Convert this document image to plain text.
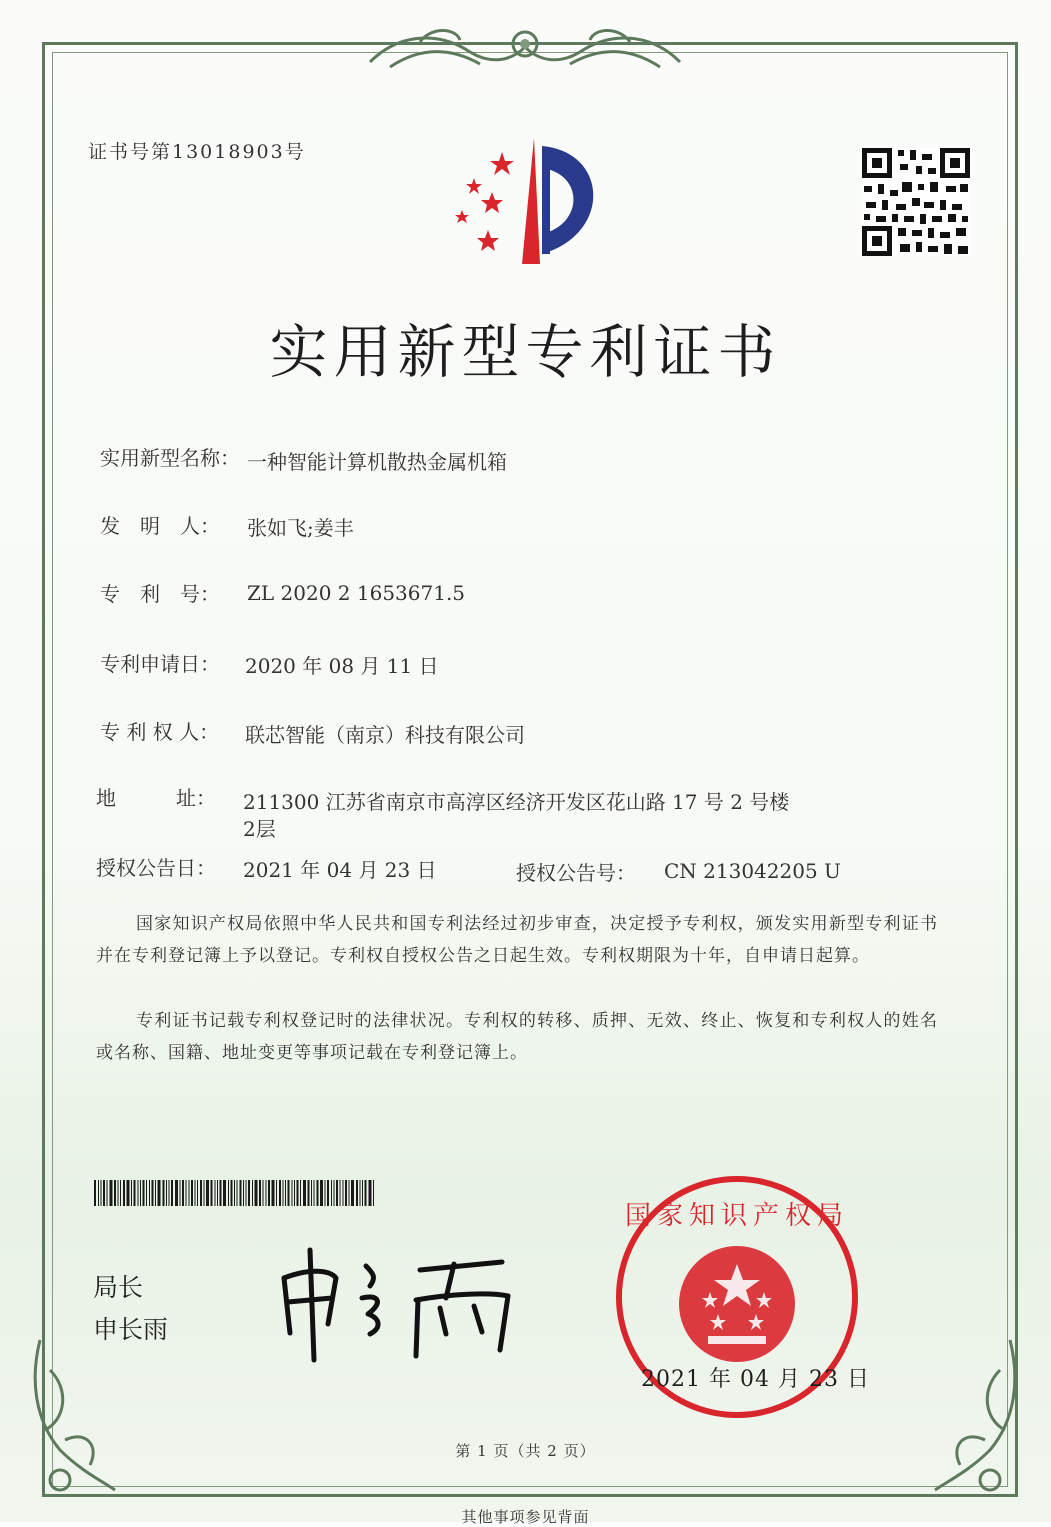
证书号第13018903号
实用新型专利证书
实用新型名称： 一种智能计算机散热金属机箱
发　明　人： 张如飞;姜丰
专　利　号： ZL 2020 2 1653671.5
专利申请日： 2020 年 08 月 11 日
专 利 权 人： 联芯智能（南京）科技有限公司
地　　　址： 211300 江苏省南京市高淳区经济开发区花山路 17 号 2 号楼
2层
授权公告日： 2021 年 04 月 23 日	授权公告号： CN 213042205 U
国家知识产权局依照中华人民共和国专利法经过初步审查，决定授予专利权，颁发实用新型专利证书并在专利登记簿上予以登记。专利权自授权公告之日起生效。专利权期限为十年，自申请日起算。
专利证书记载专利权登记时的法律状况。专利权的转移、质押、无效、终止、恢复和专利权人的姓名或名称、国籍、地址变更等事项记载在专利登记簿上。
局长
申长雨
国家知识产权局
2021 年 04 月 23 日
第 1 页（共 2 页）
其他事项参见背面
